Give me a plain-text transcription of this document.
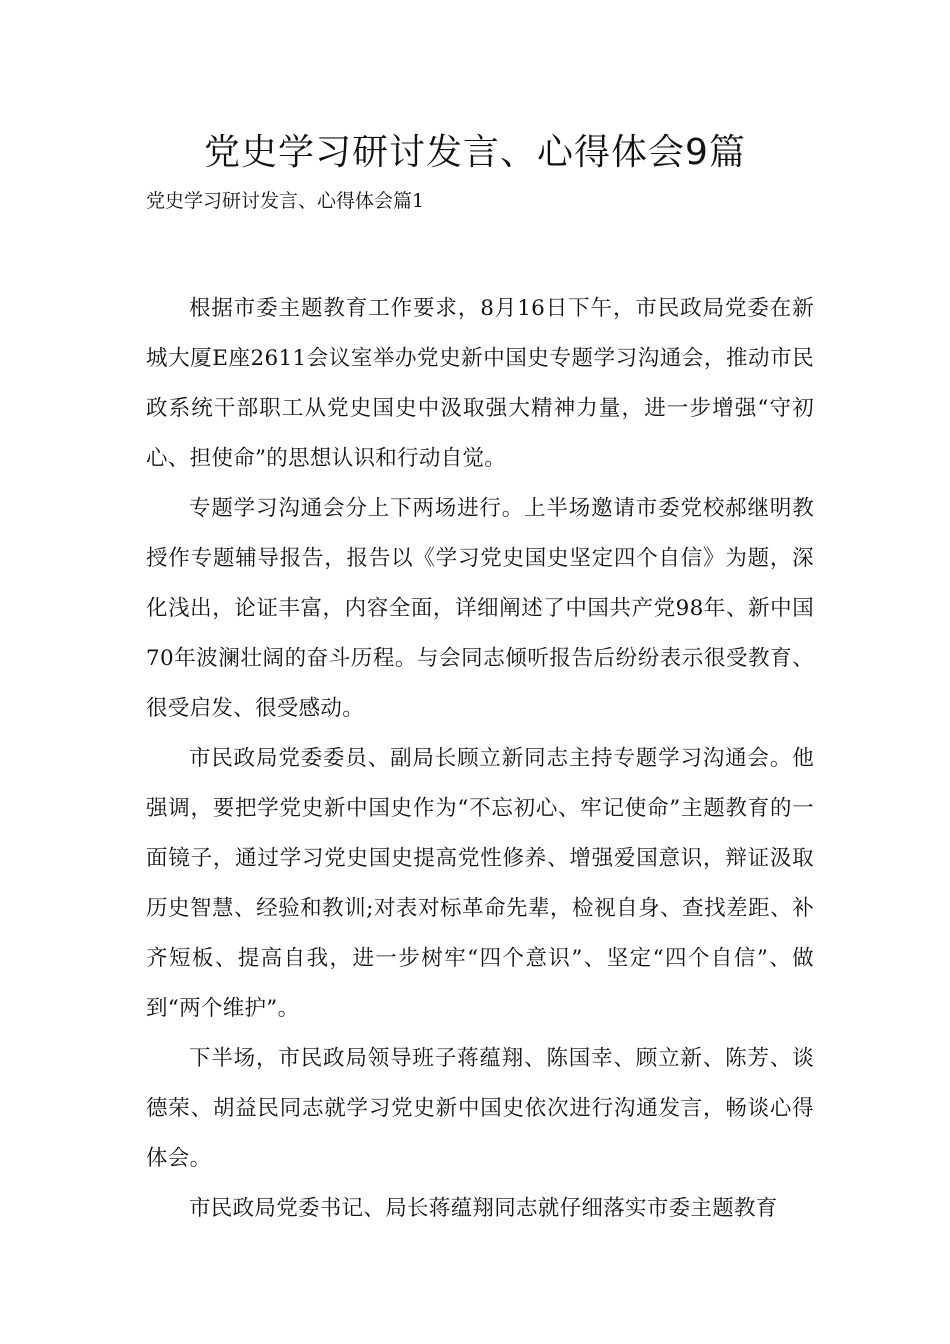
党史学习研讨发言、心得体会9篇
党史学习研讨发言、心得体会篇1

根据市委主题教育工作要求，8月16日下午，市民政局党委在新城大厦E座2611会议室举办党史新中国史专题学习沟通会，推动市民政系统干部职工从党史国史中汲取强大精神力量，进一步增强“守初心、担使命”的思想认识和行动自觉。

专题学习沟通会分上下两场进行。上半场邀请市委党校郝继明教授作专题辅导报告，报告以《学习党史国史坚定四个自信》为题，深化浅出，论证丰富，内容全面，详细阐述了中国共产党98年、新中国70年波澜壮阔的奋斗历程。与会同志倾听报告后纷纷表示很受教育、很受启发、很受感动。

市民政局党委委员、副局长顾立新同志主持专题学习沟通会。他强调，要把学党史新中国史作为“不忘初心、牢记使命”主题教育的一面镜子，通过学习党史国史提高党性修养、增强爱国意识，辩证汲取历史智慧、经验和教训;对表对标革命先辈，检视自身、查找差距、补齐短板、提高自我，进一步树牢“四个意识”、坚定“四个自信”、做到“两个维护”。

下半场，市民政局领导班子蒋蕴翔、陈国幸、顾立新、陈芳、谈德荣、胡益民同志就学习党史新中国史依次进行沟通发言，畅谈心得体会。

市民政局党委书记、局长蒋蕴翔同志就仔细落实市委主题教育
